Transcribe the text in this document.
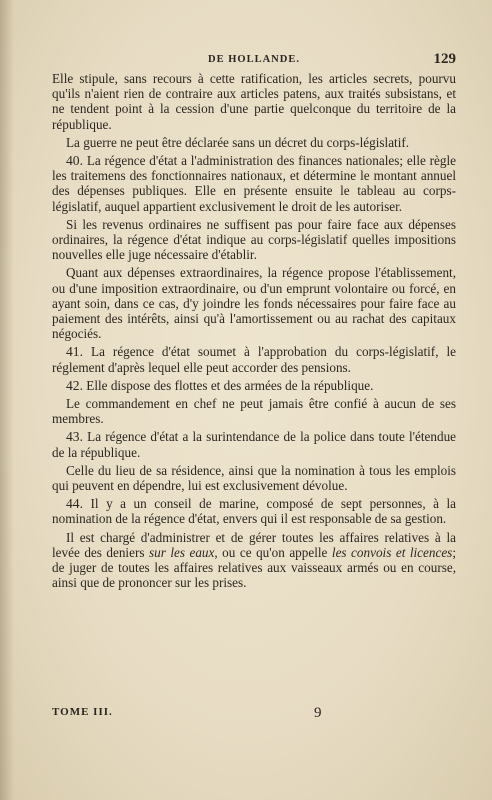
DE HOLLANDE.	129

Elle stipule, sans recours à cette ratification, les articles secrets, pourvu qu'ils n'aient rien de contraire aux articles patens, aux traités subsistans, et ne tendent point à la cession d'une partie quelconque du territoire de la république.

La guerre ne peut être déclarée sans un décret du corps-législatif.

40. La régence d'état a l'administration des finances nationales; elle règle les traitemens des fonctionnaires nationaux, et détermine le montant annuel des dépenses publiques. Elle en présente ensuite le tableau au corps-législatif, auquel appartient exclusivement le droit de les autoriser.

Si les revenus ordinaires ne suffisent pas pour faire face aux dépenses ordinaires, la régence d'état indique au corps-législatif quelles impositions nouvelles elle juge nécessaire d'établir.

Quant aux dépenses extraordinaires, la régence propose l'établissement, ou d'une imposition extraordinaire, ou d'un emprunt volontaire ou forcé, en ayant soin, dans ce cas, d'y joindre les fonds nécessaires pour faire face au paiement des intérêts, ainsi qu'à l'amortissement ou au rachat des capitaux négociés.

41. La régence d'état soumet à l'approbation du corps-législatif, le réglement d'après lequel elle peut accorder des pensions.

42. Elle dispose des flottes et des armées de la république.

Le commandement en chef ne peut jamais être confié à aucun de ses membres.

43. La régence d'état a la surintendance de la police dans toute l'étendue de la république.

Celle du lieu de sa résidence, ainsi que la nomination à tous les emplois qui peuvent en dépendre, lui est exclusivement dévolue.

44. Il y a un conseil de marine, composé de sept personnes, à la nomination de la régence d'état, envers qui il est responsable de sa gestion.

Il est chargé d'administrer et de gérer toutes les affaires relatives à la levée des deniers sur les eaux, ou ce qu'on appelle les convois et licences; de juger de toutes les affaires relatives aux vaisseaux armés ou en course, ainsi que de prononcer sur les prises.

TOME III.	9
